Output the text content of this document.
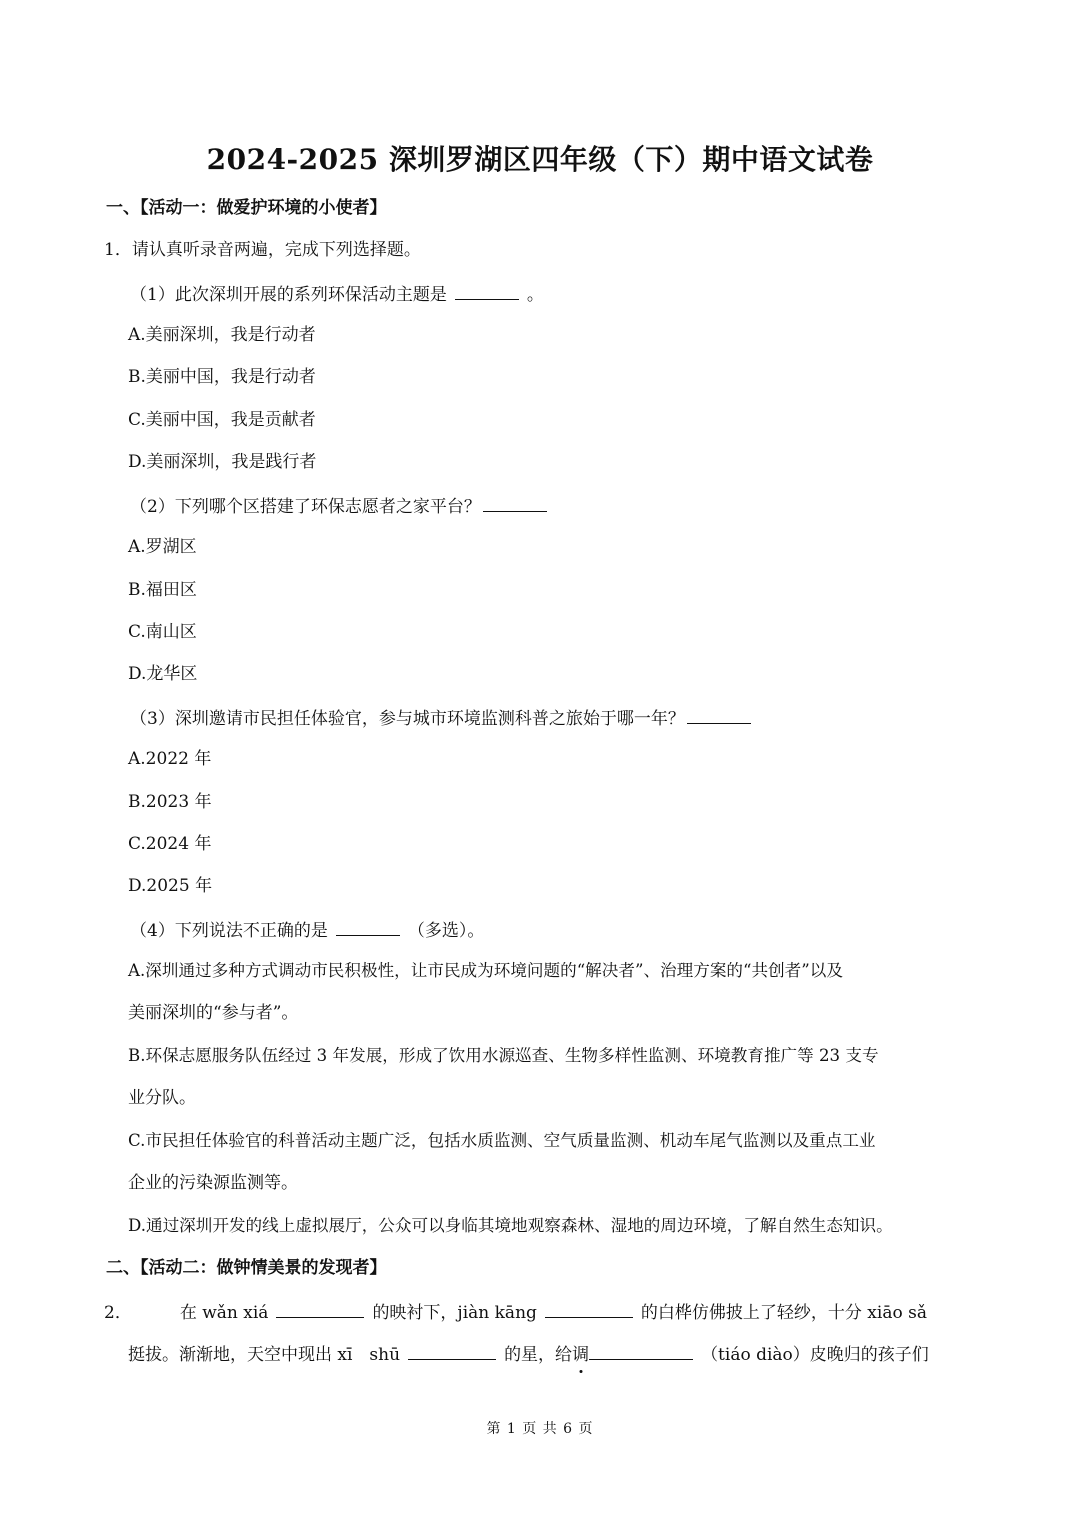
2024-2025 深圳罗湖区四年级（下）期中语文试卷
一、【活动一：做爱护环境的小使者】
1．请认真听录音两遍，完成下列选择题。
（1）此次深圳开展的系列环保活动主题是	。
A.美丽深圳，我是行动者
B.美丽中国，我是行动者
C.美丽中国，我是贡献者
D.美丽深圳，我是践行者
（2）下列哪个区搭建了环保志愿者之家平台？
A.罗湖区
B.福田区
C.南山区
D.龙华区
（3）深圳邀请市民担任体验官，参与城市环境监测科普之旅始于哪一年？
A.2022 年
B.2023 年
C.2024 年
D.2025 年
（4）下列说法不正确的是	（多选）。
A.深圳通过多种方式调动市民积极性，让市民成为环境问题的“解决者”、治理方案的“共创者”以及
美丽深圳的“参与者”。
B.环保志愿服务队伍经过 3 年发展，形成了饮用水源巡查、生物多样性监测、环境教育推广等 23 支专
业分队。
C.市民担任体验官的科普活动主题广泛，包括水质监测、空气质量监测、机动车尾气监测以及重点工业
企业的污染源监测等。
D.通过深圳开发的线上虚拟展厅，公众可以身临其境地观察森林、湿地的周边环境，了解自然生态知识。
二、【活动二：做钟情美景的发现者】
2．	在 wǎn xiá	的映衬下，jiàn kāng	的白桦仿佛披上了轻纱，十分 xiāo sǎ
挺拔。渐渐地，天空中现出 xī　shū	的星，给调	（tiáo diào）皮晚归的孩子们
第 1 页 共 6 页
